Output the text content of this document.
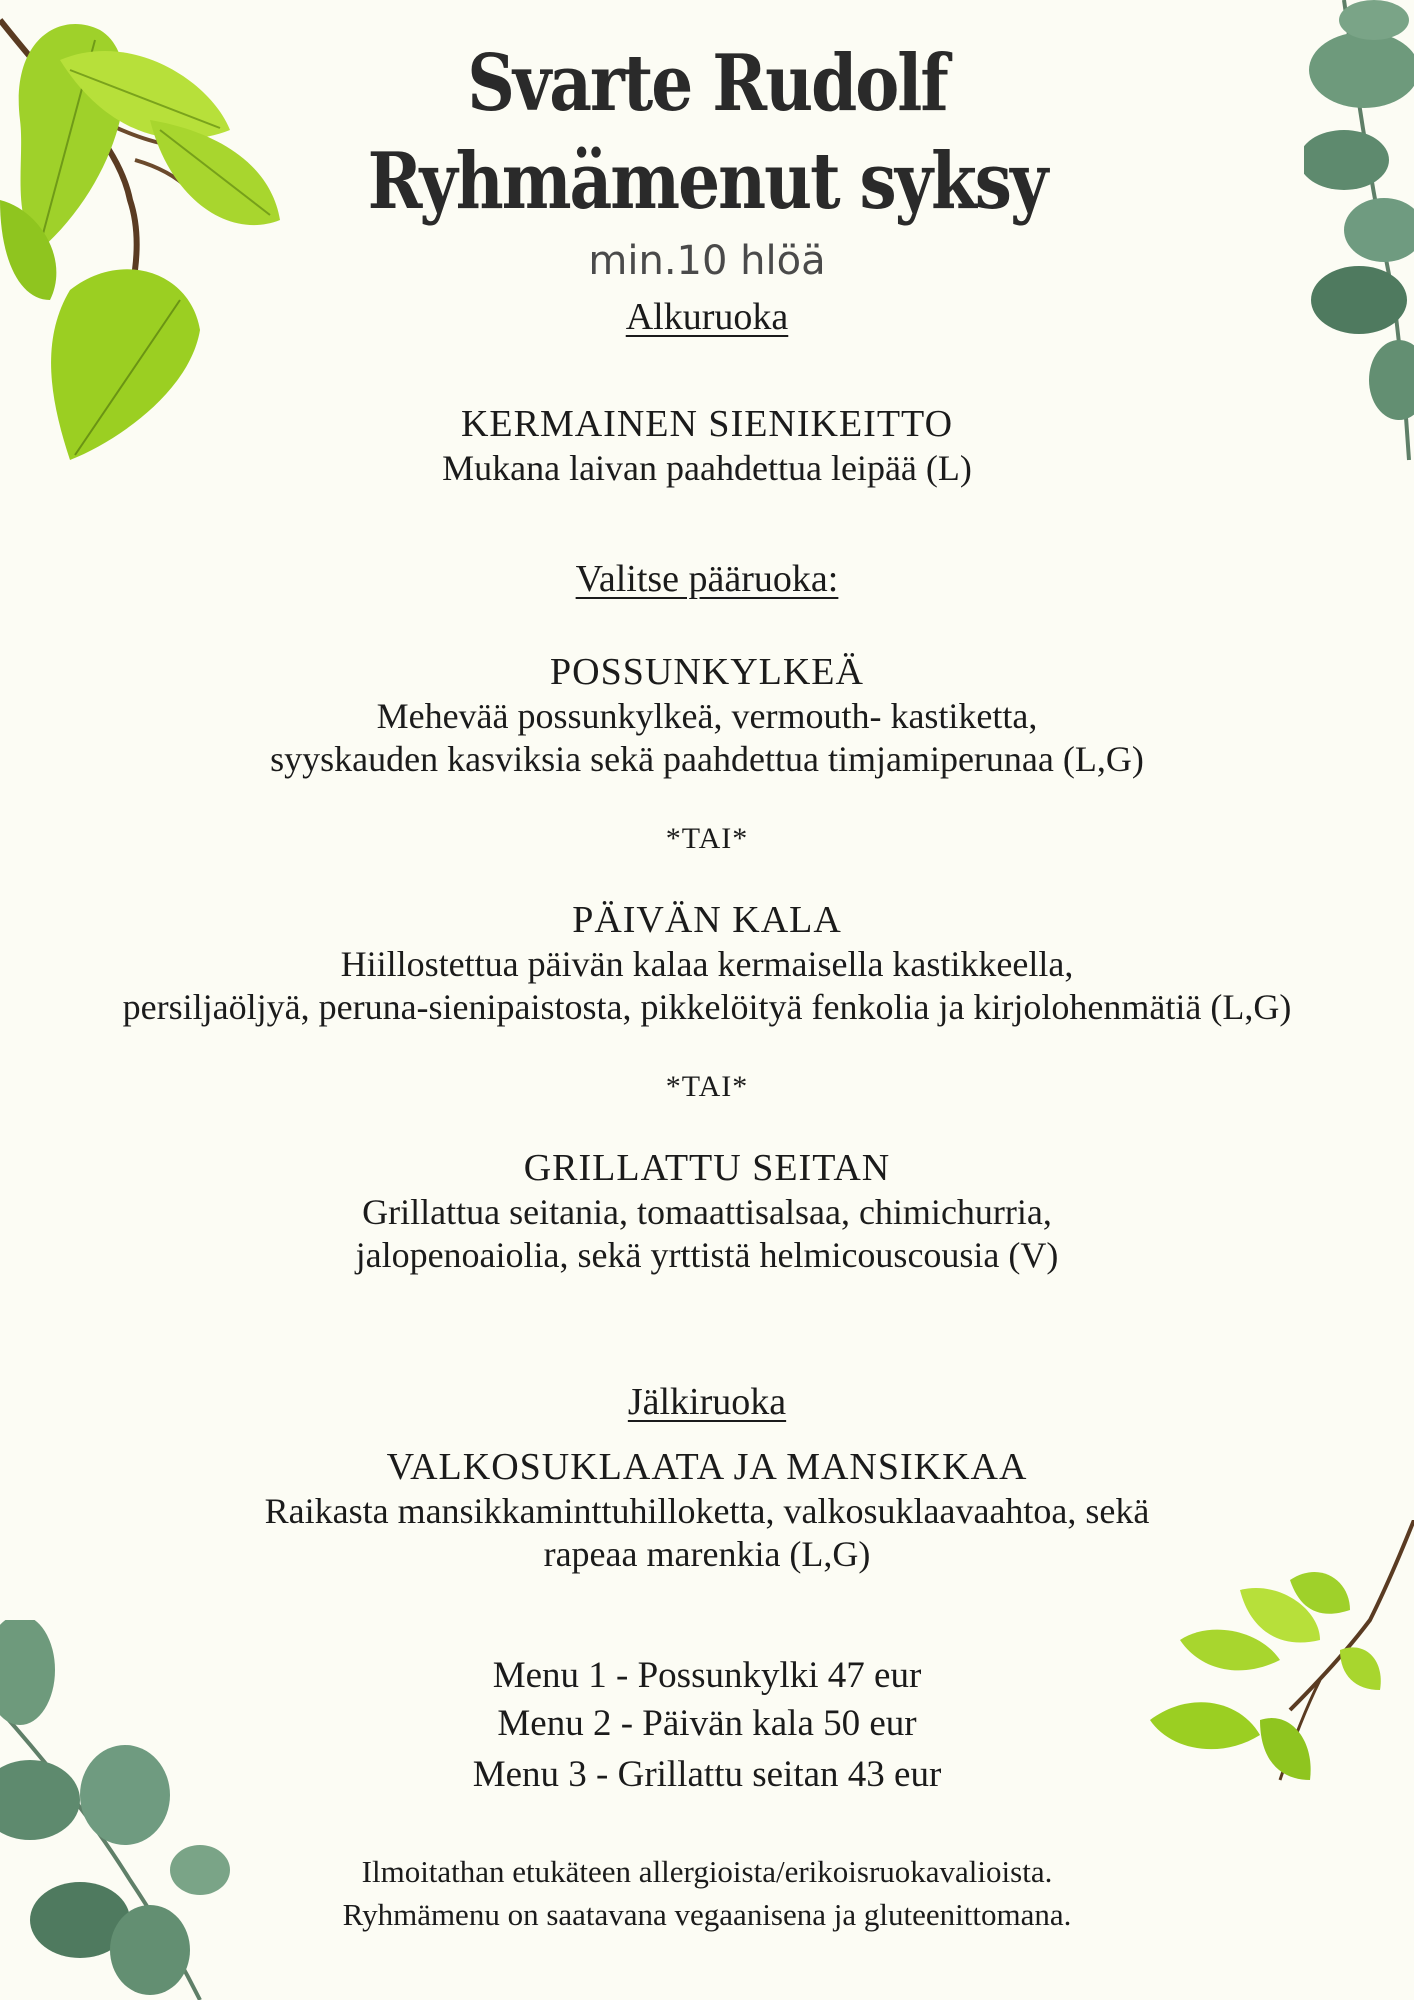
Svarte Rudolf
Ryhmämenut syksy
min.10 hlöä
Alkuruoka
KERMAINEN SIENIKEITTO
Mukana laivan paahdettua leipää (L)
Valitse pääruoka:
POSSUNKYLKEÄ
Mehevää possunkylkeä, vermouth- kastiketta,
syyskauden kasviksia sekä paahdettua timjamiperunaa (L,G)
*TAI*
PÄIVÄN KALA
Hiillostettua päivän kalaa kermaisella kastikkeella,
persiljaöljyä, peruna-sienipaistosta, pikkelöityä fenkolia ja kirjolohenmätiä (L,G)
*TAI*
GRILLATTU SEITAN
Grillattua seitania, tomaattisalsaa, chimichurria,
jalopenoaiolia, sekä yrttistä helmicouscousia (V)
Jälkiruoka
VALKOSUKLAATA JA MANSIKKAA
Raikasta mansikkaminttuhilloketta, valkosuklaavaahtoa, sekä
rapeaa marenkia (L,G)
Menu 1 - Possunkylki 47 eur
Menu 2 - Päivän kala 50 eur
Menu 3 - Grillattu seitan 43 eur
Ilmoitathan etukäteen allergioista/erikoisruokavalioista.
Ryhmämenu on saatavana vegaanisena ja gluteenittomana.
